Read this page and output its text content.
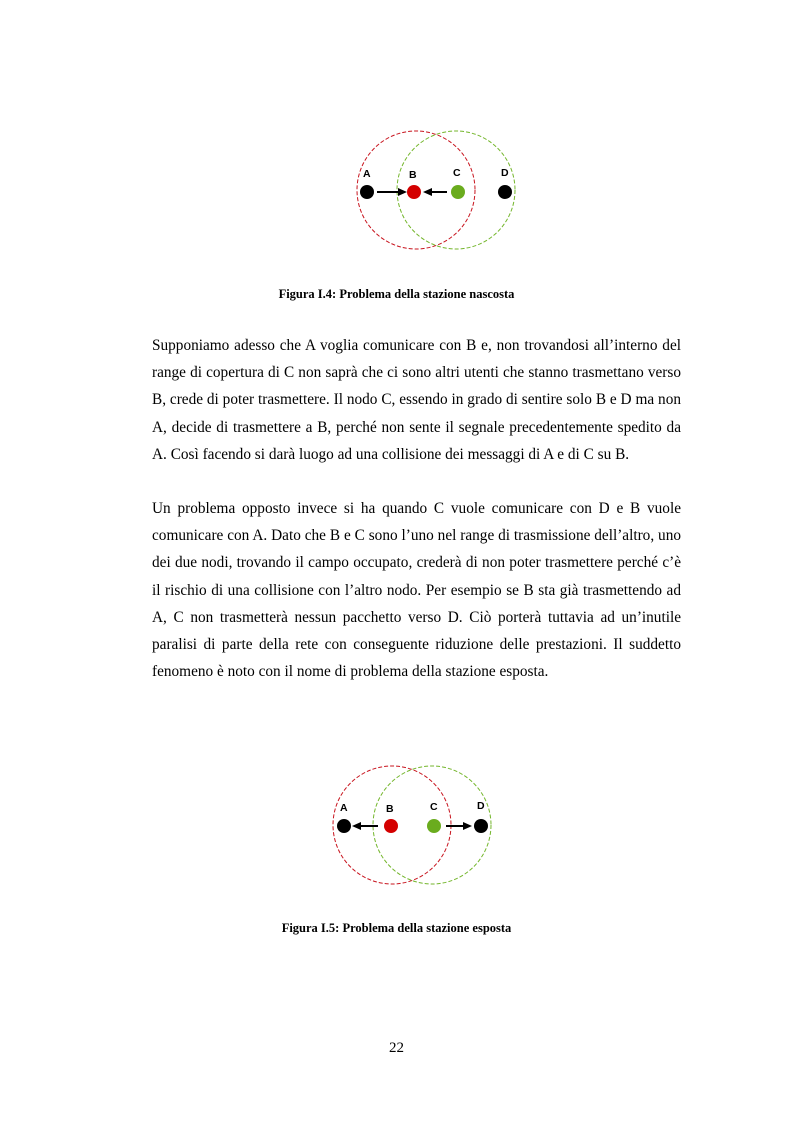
A	B	C	D
Figura I.4: Problema della stazione nascosta

Supponiamo adesso che A voglia comunicare con B e, non trovandosi all’interno del range di copertura di C non saprà che ci sono altri utenti che stanno trasmettano verso B, crede di poter trasmettere. Il nodo C, essendo in grado di sentire solo B e D ma non A, decide di trasmettere a B, perché non sente il segnale precedentemente spedito da A. Così facendo si darà luogo ad una collisione dei messaggi di A e di C su B.

Un problema opposto invece si ha quando C vuole comunicare con D e B vuole comunicare con A. Dato che B e C sono l’uno nel range di trasmissione dell’altro, uno dei due nodi, trovando il campo occupato, crederà di non poter trasmettere perché c’è il rischio di una collisione con l’altro nodo. Per esempio se B sta già trasmettendo ad A, C non trasmetterà nessun pacchetto verso D. Ciò porterà tuttavia ad un’inutile paralisi di parte della rete con conseguente riduzione delle prestazioni. Il suddetto fenomeno è noto con il nome di problema della stazione esposta.

A	B	C	D
Figura I.5: Problema della stazione esposta
22
